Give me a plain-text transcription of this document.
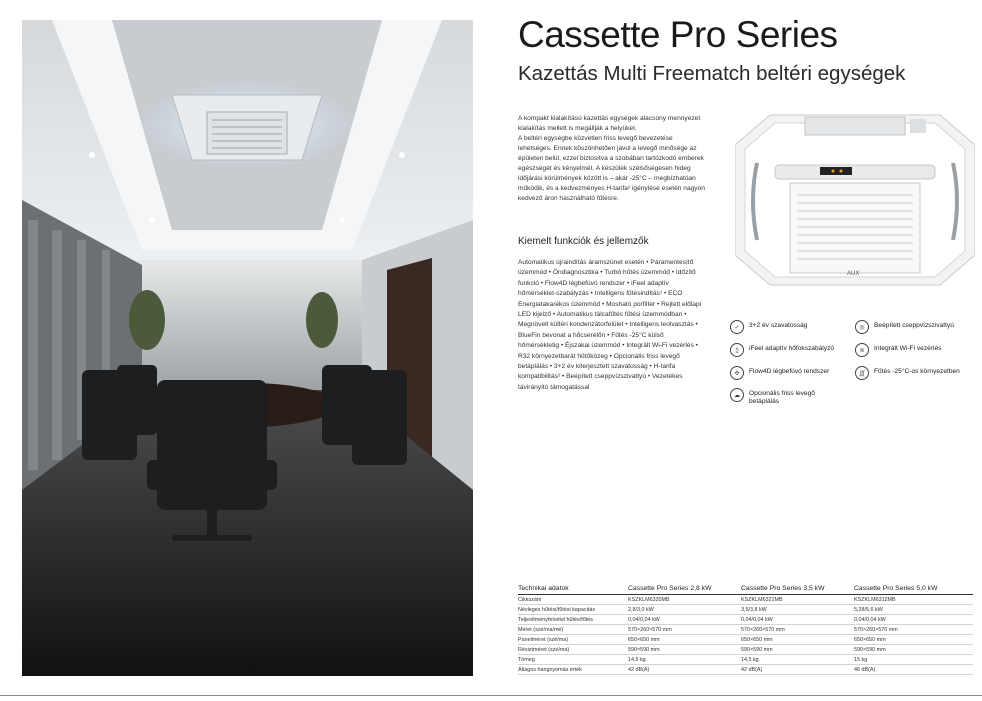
Cassette Pro Series
Kazettás Multi Freematch beltéri egységek

A kompakt kialakítású kazettás egységek alacsony mennyezet kialakítás mellett is megállják a helyüket.

A beltéri egységbe közvetlen friss levegő bevezetése lehetséges. Ennek köszönhetően javul a levegő minősége az épületen belül, ezzel biztosítva a szobában tartózkodó emberek egészségét és kényelmét. A készülék szélsőségesen hideg időjárási körülmények között is – akár -25°C – megbízhatóan működik, és a kedvezményes H-tarifa² igénylése esetén nagyon kedvező áron használható fűtésre.

Kiemelt funkciók és jellemzők
Automatikus újraindítás áramszünet esetén • Páramentesítő üzemmód • Öndiagnosztika • Turbó hűtés üzemmód • Időzítő funkció • Flow4D légbefúvó rendszer • iFeel adaptív hőmérséklet-szabályzás • Intelligens fűtésindítás¹ • ECO Energiatakarékos üzemmód • Mosható porfilter • Rejtett előlapi LED kijelző • Automatikus tálcafűtés fűtési üzemmódban • Megnövelt kültéri kondenzátorfelület • Intelligens leolvasztás • BlueFin bevonat a hőcserélőn • Fűtés -25°C külső hőmérsékletig • Éjszakai üzemmód • Integrált Wi-Fi vezérlés • R32 környezetbarát hűtőközeg • Opcionális friss levegő betáplálás • 3+2 év kiterjesztett szavatosság • H-tarifa kompatibilitás² • Beépített cseppvízszivattyú • Vezetékes távirányító támogatással
AUX
✓	3+2 év szavatosság	◎	Beépített cseppvízszivattyú
▯	iFeel adaptív hőfokszabályzó	≋	Integrált Wi-Fi vezérlés
✣	Flow4D légbefúvó rendszer	∭	Fűtés -25°C-os környezetben
☁	Opcionális friss levegő betáplálás
Technikai adatok	Cassette Pro Series 2,8 kW	Cassette Pro Series 3,5 kW	Cassette Pro Series 5,0 kW
Cikkszám	KSZKLM6320MB	KSZKLM6321MB	KSZKLM6312MB
Névleges hűtési/fűtési kapacitás	2,8/3,0 kW	3,5/3,8 kW	5,28/5,6 kW
Teljesítményfelvétel hűtés/fűtés	0,04/0,04 kW	0,04/0,04 kW	0,04/0,04 kW
Méret (szé/ma/mé)	570×260×570 mm	570×260×570 mm	570×260×570 mm
Panelméret (szé/ma)	650×650 mm	650×650 mm	650×650 mm
Résiztméret (szé/ma)	590×590 mm	590×590 mm	590×590 mm
Tömeg	14,5 kg	14,5 kg	15 kg
Átlagos hangnyomás érték	42 dB(A)	42 dB(A)	46 dB(A)
